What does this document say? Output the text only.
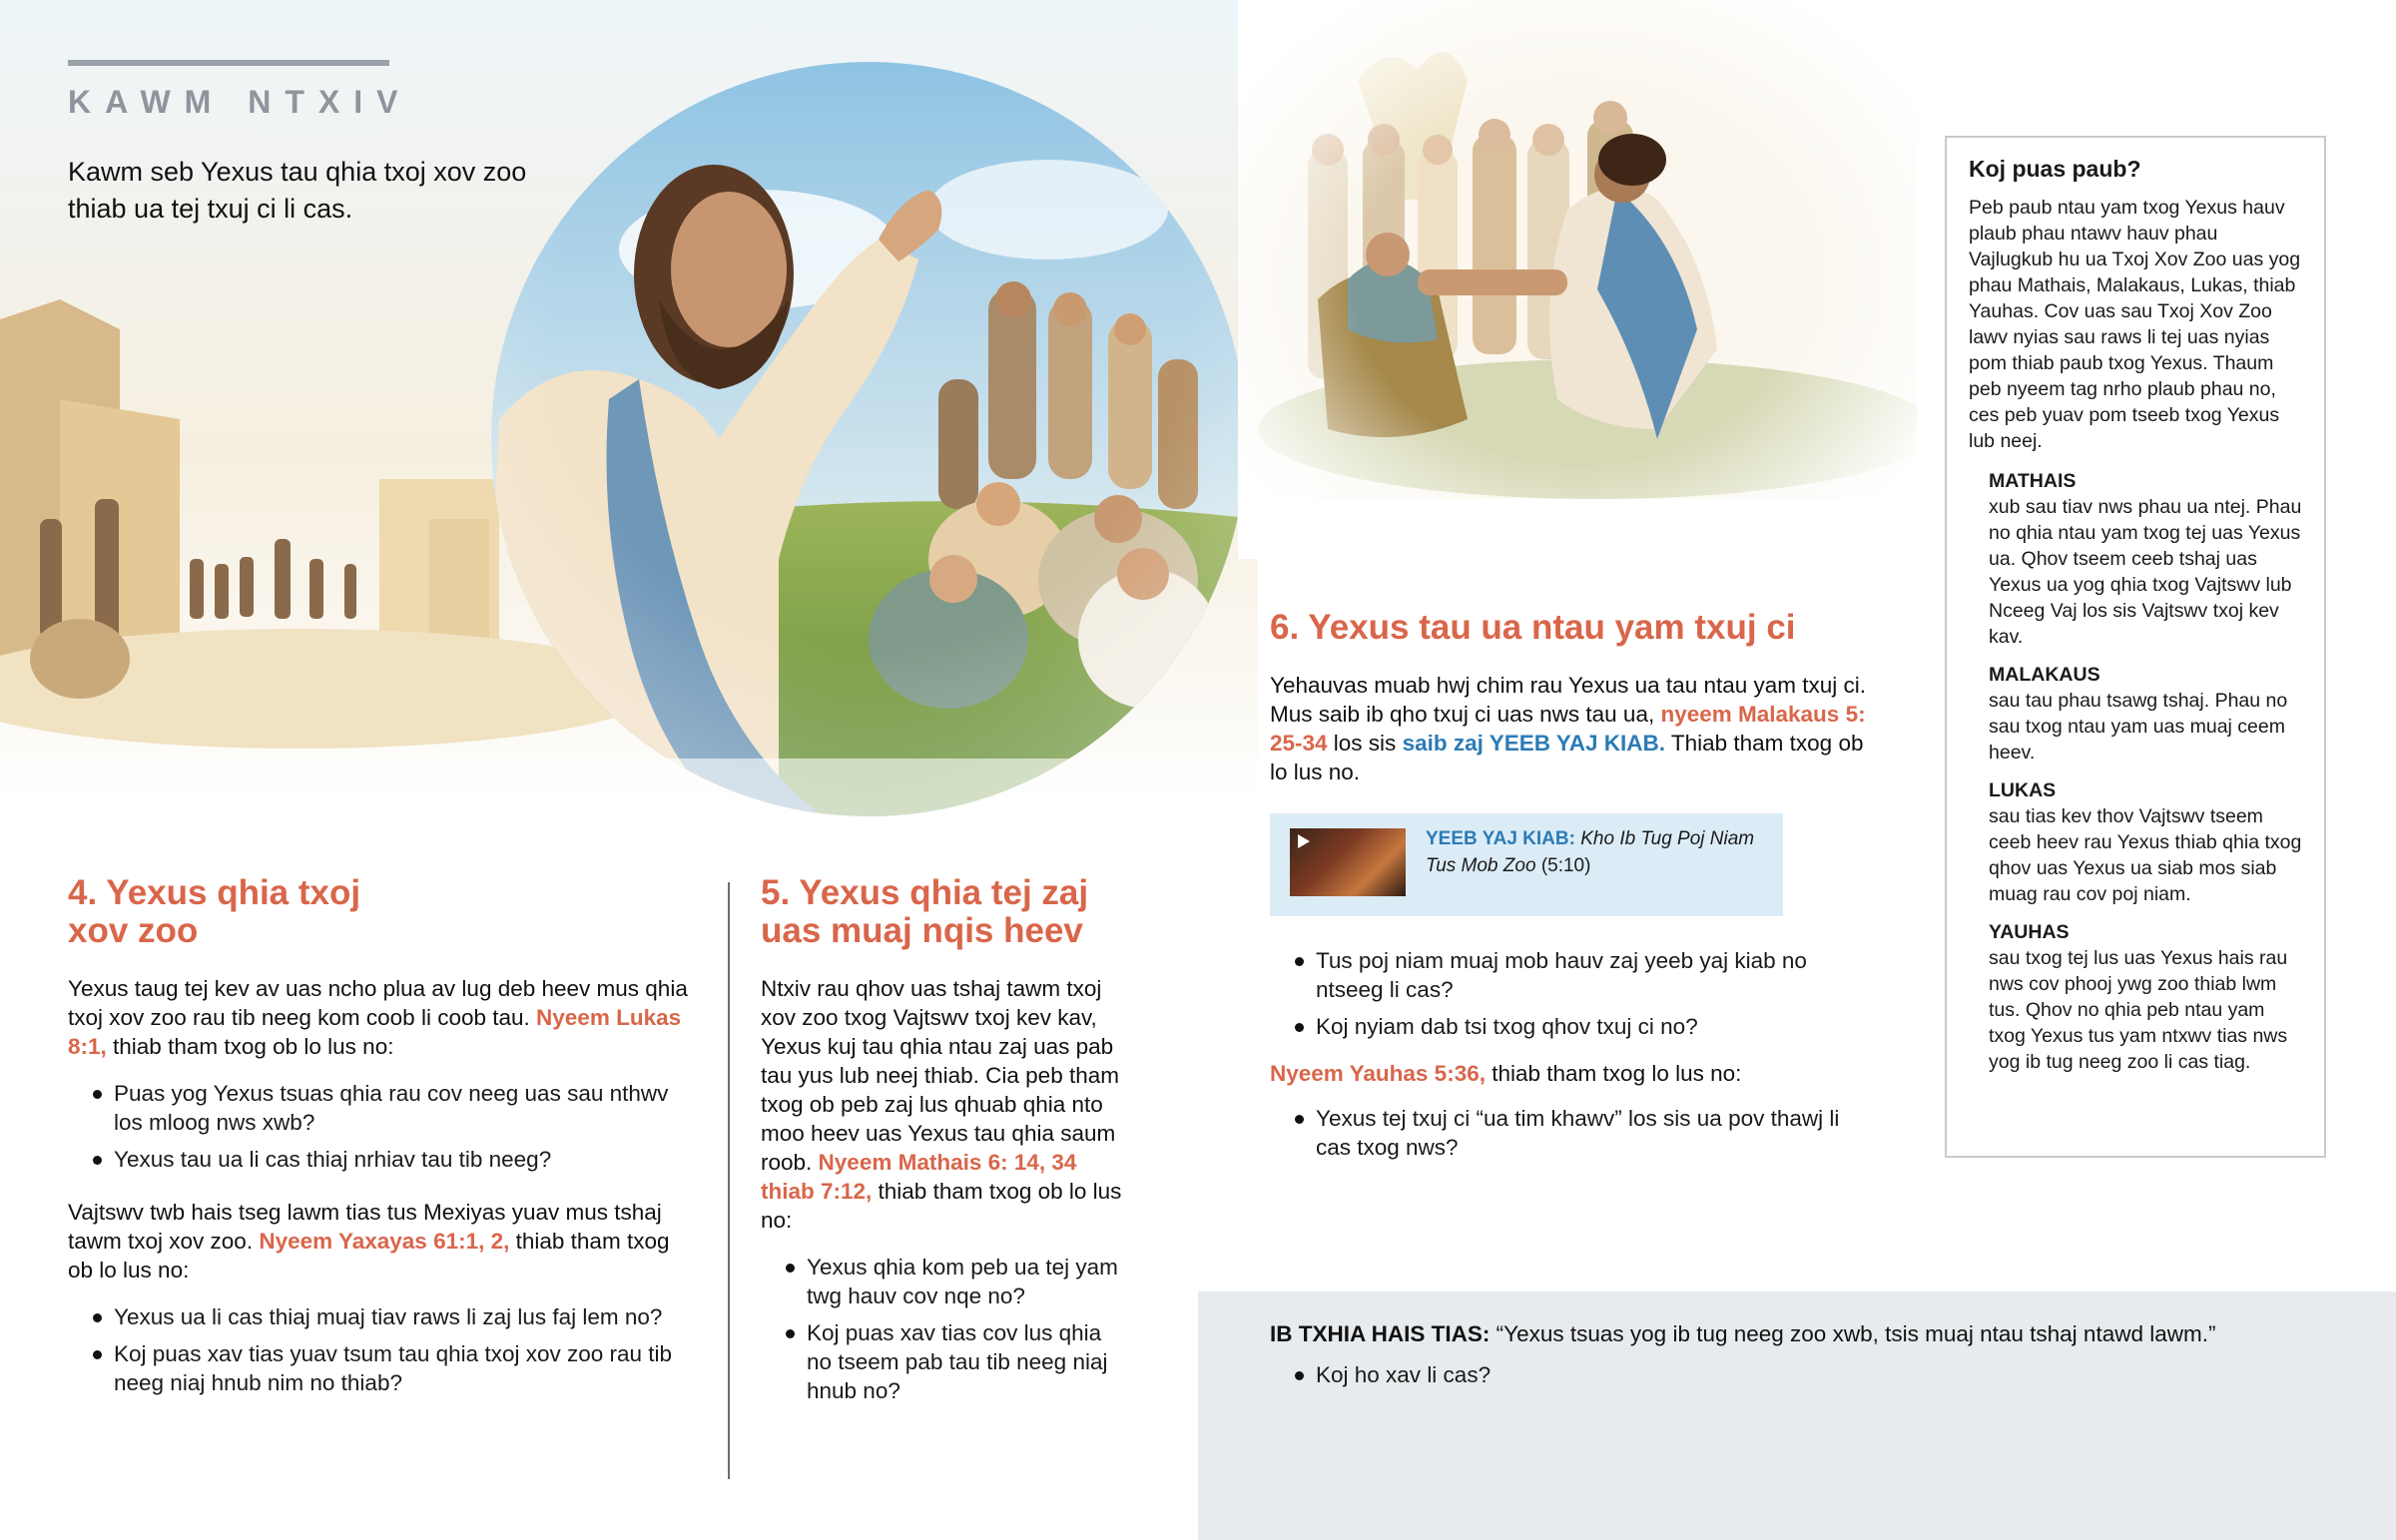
KAWM NTXIV
Kawm seb Yexus tau qhia txoj xov zoo thiab ua tej txuj ci li cas.
4. Yexus qhia txoj
xov zoo
Yexus taug tej kev av uas ncho plua av lug deb heev mus qhia txoj xov zoo rau tib neeg kom coob li coob tau. Nyeem Lukas 8:1, thiab tham txog ob lo lus no:
Puas yog Yexus tsuas qhia rau cov neeg uas sau nthwv los mloog nws xwb?
Yexus tau ua li cas thiaj nrhiav tau tib neeg?
Vajtswv twb hais tseg lawm tias tus Mexiyas yuav mus tshaj tawm txoj xov zoo. Nyeem Yaxayas 61:1, 2, thiab tham txog ob lo lus no:
Yexus ua li cas thiaj muaj tiav raws li zaj lus faj lem no?
Koj puas xav tias yuav tsum tau qhia txoj xov zoo rau tib neeg niaj hnub nim no thiab?
5. Yexus qhia tej zaj
uas muaj nqis heev
Ntxiv rau qhov uas tshaj tawm txoj xov zoo txog Vajtswv txoj kev kav, Yexus kuj tau qhia ntau zaj uas pab tau yus lub neej thiab. Cia peb tham txog ob peb zaj lus qhuab qhia nto moo heev uas Yexus tau qhia saum roob. Nyeem Mathais 6: 14, 34 thiab 7:12, thiab tham txog ob lo lus no:
Yexus qhia kom peb ua tej yam twg hauv cov nqe no?
Koj puas xav tias cov lus qhia no tseem pab tau tib neeg niaj hnub no?
6. Yexus tau ua ntau yam txuj ci
Yehauvas muab hwj chim rau Yexus ua tau ntau yam txuj ci. Mus saib ib qho txuj ci uas nws tau ua, nyeem Malakaus 5: 25-34 los sis saib zaj YEEB YAJ KIAB. Thiab tham txog ob lo lus no.
YEEB YAJ KIAB: Kho Ib Tug Poj Niam Tus Mob Zoo (5:10)
Tus poj niam muaj mob hauv zaj yeeb yaj kiab no ntseeg li cas?
Koj nyiam dab tsi txog qhov txuj ci no?
Nyeem Yauhas 5:36, thiab tham txog lo lus no:
Yexus tej txuj ci “ua tim khawv” los sis ua pov thawj li cas txog nws?
IB TXHIA HAIS TIAS: “Yexus tsuas yog ib tug neeg zoo xwb, tsis muaj ntau tshaj ntawd lawm.”
Koj ho xav li cas?
Koj puas paub?
Peb paub ntau yam txog Yexus hauv plaub phau ntawv hauv phau Vajlugkub hu ua Txoj Xov Zoo uas yog phau Mathais, Malakaus, Lukas, thiab Yauhas. Cov uas sau Txoj Xov Zoo lawv nyias sau raws li tej uas nyias pom thiab paub txog Yexus. Thaum peb nyeem tag nrho plaub phau no, ces peb yuav pom tseeb txog Yexus lub neej.
MATHAIS
xub sau tiav nws phau ua ntej. Phau no qhia ntau yam txog tej uas Yexus ua. Qhov tseem ceeb tshaj uas Yexus ua yog qhia txog Vajtswv lub Nceeg Vaj los sis Vajtswv txoj kev kav.
MALAKAUS
sau tau phau tsawg tshaj. Phau no sau txog ntau yam uas muaj ceem heev.
LUKAS
sau tias kev thov Vajtswv tseem ceeb heev rau Yexus thiab qhia txog qhov uas Yexus ua siab mos siab muag rau cov poj niam.
YAUHAS
sau txog tej lus uas Yexus hais rau nws cov phooj ywg zoo thiab lwm tus. Qhov no qhia peb ntau yam txog Yexus tus yam ntxwv tias nws yog ib tug neeg zoo li cas tiag.
